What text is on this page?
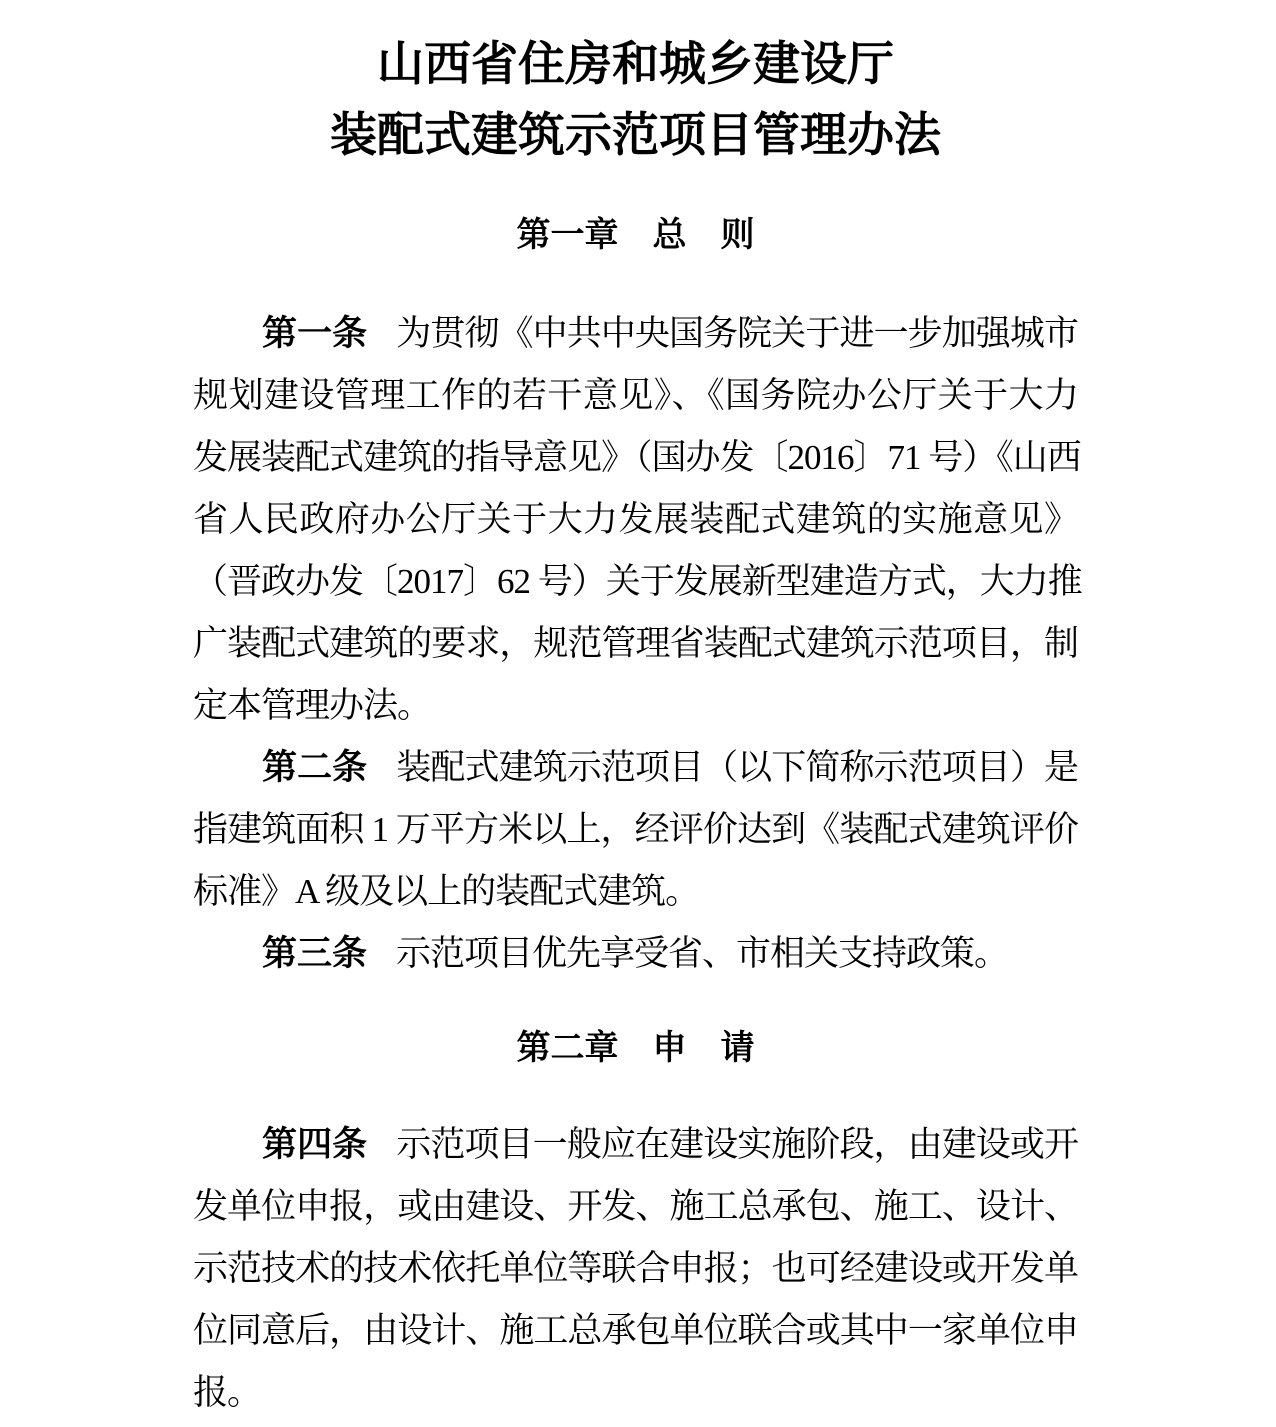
山西省住房和城乡建设厅
装配式建筑示范项目管理办法
第一章　总　则
第一条 为贯彻《中共中央国务院关于进一步加强城市
规划建设管理工作的若干意见》、《国务院办公厅关于大力
发展装配式建筑的指导意见》（国办发〔2016〕71 号）《山西
省人民政府办公厅关于大力发展装配式建筑的实施意见》
（晋政办发〔2017〕62 号）关于发展新型建造方式，大力推
广装配式建筑的要求，规范管理省装配式建筑示范项目，制
定本管理办法。
第二条 装配式建筑示范项目（以下简称示范项目）是
指建筑面积 1 万平方米以上，经评价达到《装配式建筑评价
标准》A 级及以上的装配式建筑。
第三条 示范项目优先享受省、市相关支持政策。
第二章　申　请
第四条 示范项目一般应在建设实施阶段，由建设或开
发单位申报，或由建设、开发、施工总承包、施工、设计、
示范技术的技术依托单位等联合申报；也可经建设或开发单
位同意后，由设计、施工总承包单位联合或其中一家单位申
报。
